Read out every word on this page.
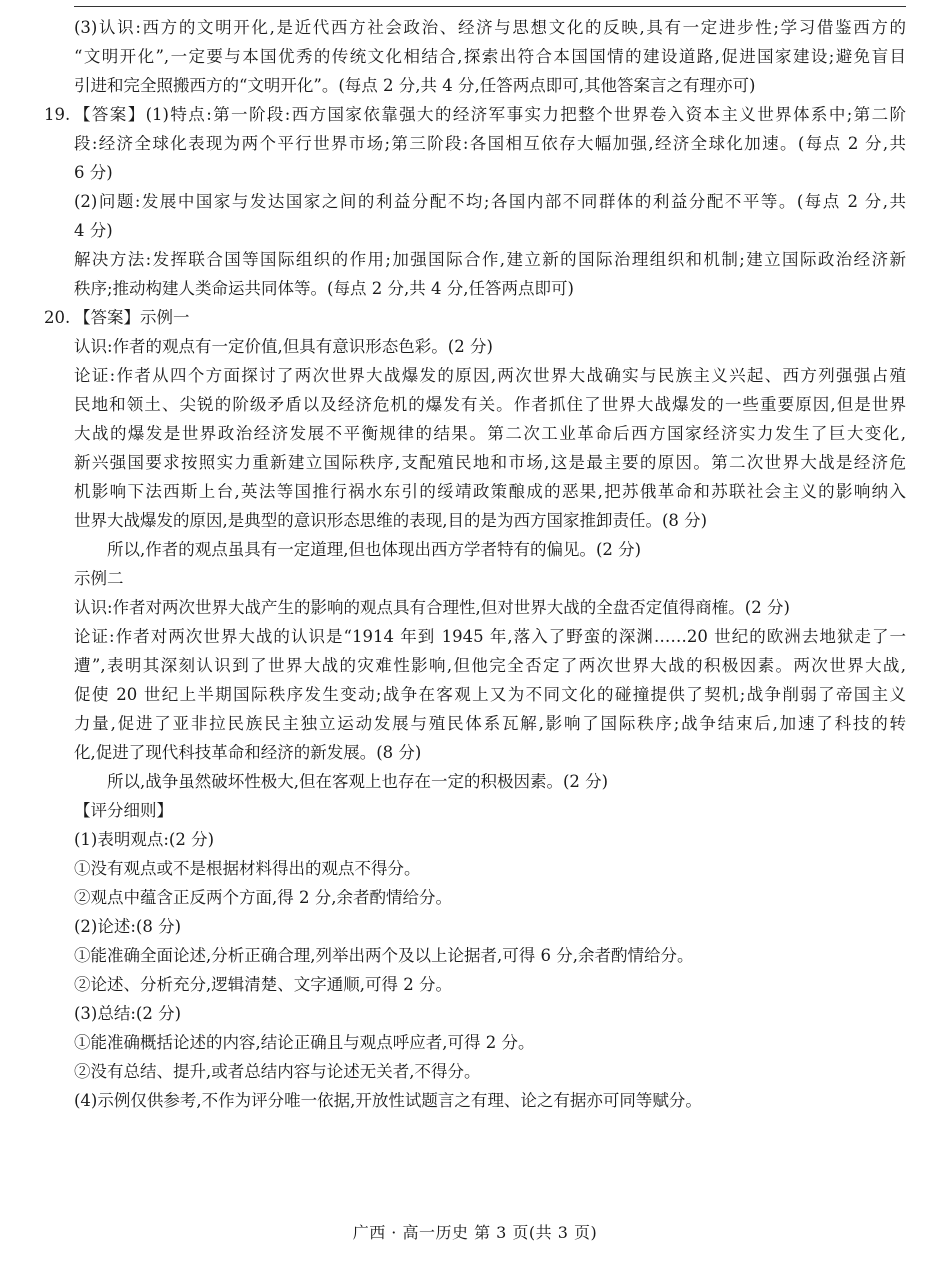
(3)认识:西方的文明开化,是近代西方社会政治、经济与思想文化的反映,具有一定进步性;学习借鉴西方的
“文明开化”,一定要与本国优秀的传统文化相结合,探索出符合本国国情的建设道路,促进国家建设;避免盲目
引进和完全照搬西方的“文明开化”。(每点 2 分,共 4 分,任答两点即可,其他答案言之有理亦可)
19. 【答案】(1)特点:第一阶段:西方国家依靠强大的经济军事实力把整个世界卷入资本主义世界体系中;第二阶
段:经济全球化表现为两个平行世界市场;第三阶段:各国相互依存大幅加强,经济全球化加速。(每点 2 分,共
6 分)
(2)问题:发展中国家与发达国家之间的利益分配不均;各国内部不同群体的利益分配不平等。(每点 2 分,共
4 分)
解决方法:发挥联合国等国际组织的作用;加强国际合作,建立新的国际治理组织和机制;建立国际政治经济新
秩序;推动构建人类命运共同体等。(每点 2 分,共 4 分,任答两点即可)
20. 【答案】示例一
认识:作者的观点有一定价值,但具有意识形态色彩。(2 分)
论证:作者从四个方面探讨了两次世界大战爆发的原因,两次世界大战确实与民族主义兴起、西方列强强占殖
民地和领土、尖锐的阶级矛盾以及经济危机的爆发有关。作者抓住了世界大战爆发的一些重要原因,但是世界
大战的爆发是世界政治经济发展不平衡规律的结果。第二次工业革命后西方国家经济实力发生了巨大变化,
新兴强国要求按照实力重新建立国际秩序,支配殖民地和市场,这是最主要的原因。第二次世界大战是经济危
机影响下法西斯上台,英法等国推行祸水东引的绥靖政策酿成的恶果,把苏俄革命和苏联社会主义的影响纳入
世界大战爆发的原因,是典型的意识形态思维的表现,目的是为西方国家推卸责任。(8 分)
所以,作者的观点虽具有一定道理,但也体现出西方学者特有的偏见。(2 分)
示例二
认识:作者对两次世界大战产生的影响的观点具有合理性,但对世界大战的全盘否定值得商榷。(2 分)
论证:作者对两次世界大战的认识是“1914 年到 1945 年,落入了野蛮的深渊……20 世纪的欧洲去地狱走了一
遭”,表明其深刻认识到了世界大战的灾难性影响,但他完全否定了两次世界大战的积极因素。两次世界大战,
促使 20 世纪上半期国际秩序发生变动;战争在客观上又为不同文化的碰撞提供了契机;战争削弱了帝国主义
力量,促进了亚非拉民族民主独立运动发展与殖民体系瓦解,影响了国际秩序;战争结束后,加速了科技的转
化,促进了现代科技革命和经济的新发展。(8 分)
所以,战争虽然破坏性极大,但在客观上也存在一定的积极因素。(2 分)
【评分细则】
(1)表明观点:(2 分)
①没有观点或不是根据材料得出的观点不得分。
②观点中蕴含正反两个方面,得 2 分,余者酌情给分。
(2)论述:(8 分)
①能准确全面论述,分析正确合理,列举出两个及以上论据者,可得 6 分,余者酌情给分。
②论述、分析充分,逻辑清楚、文字通顺,可得 2 分。
(3)总结:(2 分)
①能准确概括论述的内容,结论正确且与观点呼应者,可得 2 分。
②没有总结、提升,或者总结内容与论述无关者,不得分。
(4)示例仅供参考,不作为评分唯一依据,开放性试题言之有理、论之有据亦可同等赋分。
广西 · 高一历史 第 3 页(共 3 页)
